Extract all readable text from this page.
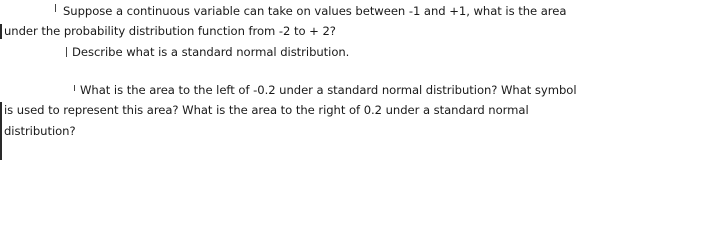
Suppose a continuous variable can take on values between -1 and +1, what is the area
under the probability distribution function from -2 to + 2?
Describe what is a standard normal distribution.
What is the area to the left of -0.2 under a standard normal distribution? What symbol
is used to represent this area? What is the area to the right of 0.2 under a standard normal
distribution?
